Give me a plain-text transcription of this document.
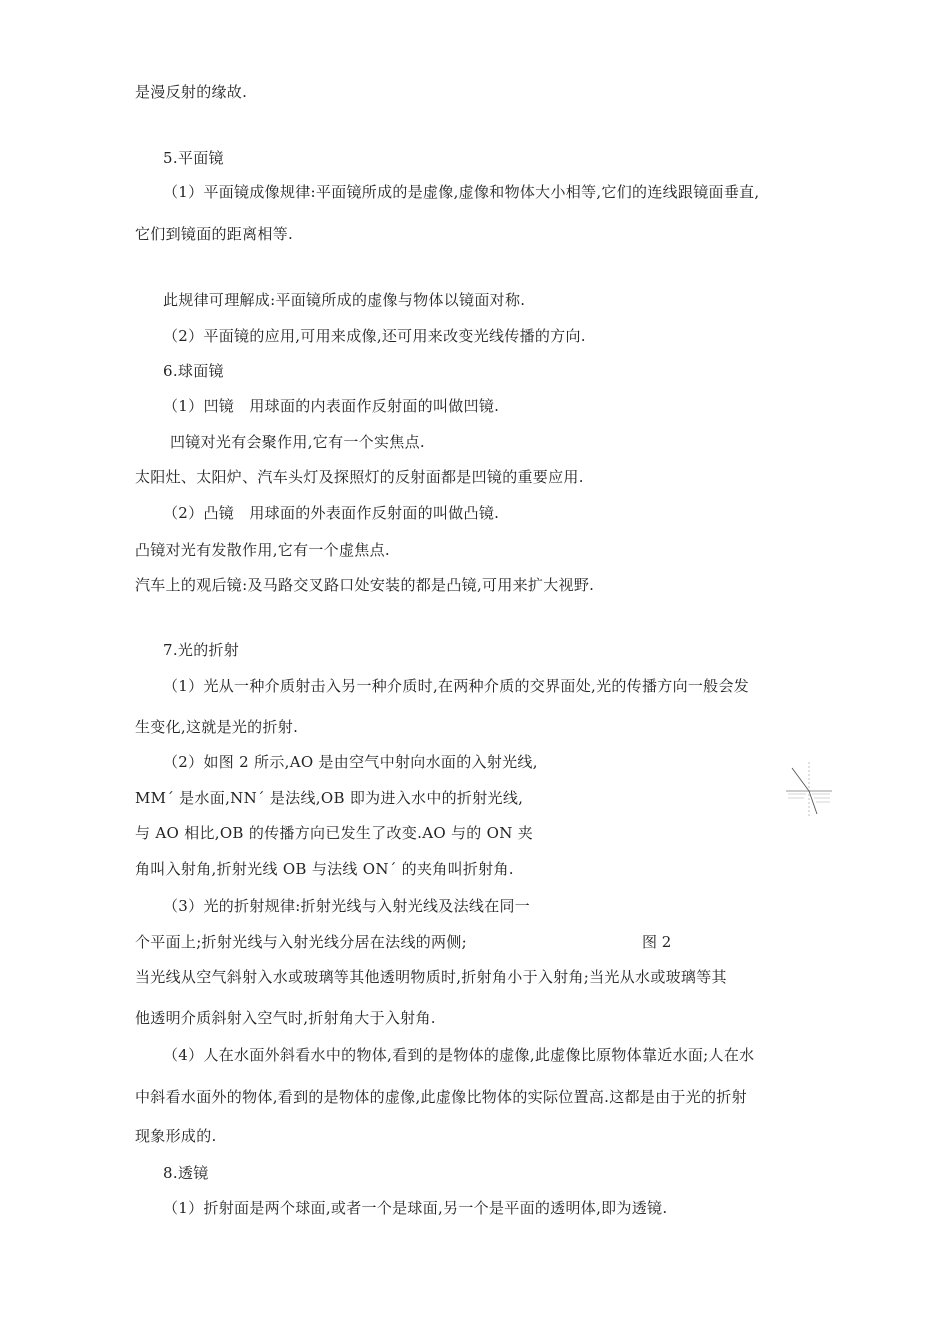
是漫反射的缘故.
5.平面镜
（1）平面镜成像规律:平面镜所成的是虚像,虚像和物体大小相等,它们的连线跟镜面垂直,
它们到镜面的距离相等.
此规律可理解成:平面镜所成的虚像与物体以镜面对称.
（2）平面镜的应用,可用来成像,还可用来改变光线传播的方向.
6.球面镜
（1）凹镜　用球面的内表面作反射面的叫做凹镜.
凹镜对光有会聚作用,它有一个实焦点.
太阳灶、太阳炉、汽车头灯及探照灯的反射面都是凹镜的重要应用.
（2）凸镜　用球面的外表面作反射面的叫做凸镜.
凸镜对光有发散作用,它有一个虚焦点.
汽车上的观后镜:及马路交叉路口处安装的都是凸镜,可用来扩大视野.
7.光的折射
（1）光从一种介质射击入另一种介质时,在两种介质的交界面处,光的传播方向一般会发
生变化,这就是光的折射.
（2）如图 2 所示,AO 是由空气中射向水面的入射光线,
MM´ 是水面,NN´ 是法线,OB 即为进入水中的折射光线,
与 AO 相比,OB 的传播方向已发生了改变.AO 与的 ON 夹
角叫入射角,折射光线 OB 与法线 ON´ 的夹角叫折射角.
（3）光的折射规律:折射光线与入射光线及法线在同一
个平面上;折射光线与入射光线分居在法线的两侧;
当光线从空气斜射入水或玻璃等其他透明物质时,折射角小于入射角;当光从水或玻璃等其
他透明介质斜射入空气时,折射角大于入射角.
（4）人在水面外斜看水中的物体,看到的是物体的虚像,此虚像比原物体靠近水面;人在水
中斜看水面外的物体,看到的是物体的虚像,此虚像比物体的实际位置高.这都是由于光的折射
现象形成的.
8.透镜
（1）折射面是两个球面,或者一个是球面,另一个是平面的透明体,即为透镜.
图 2
